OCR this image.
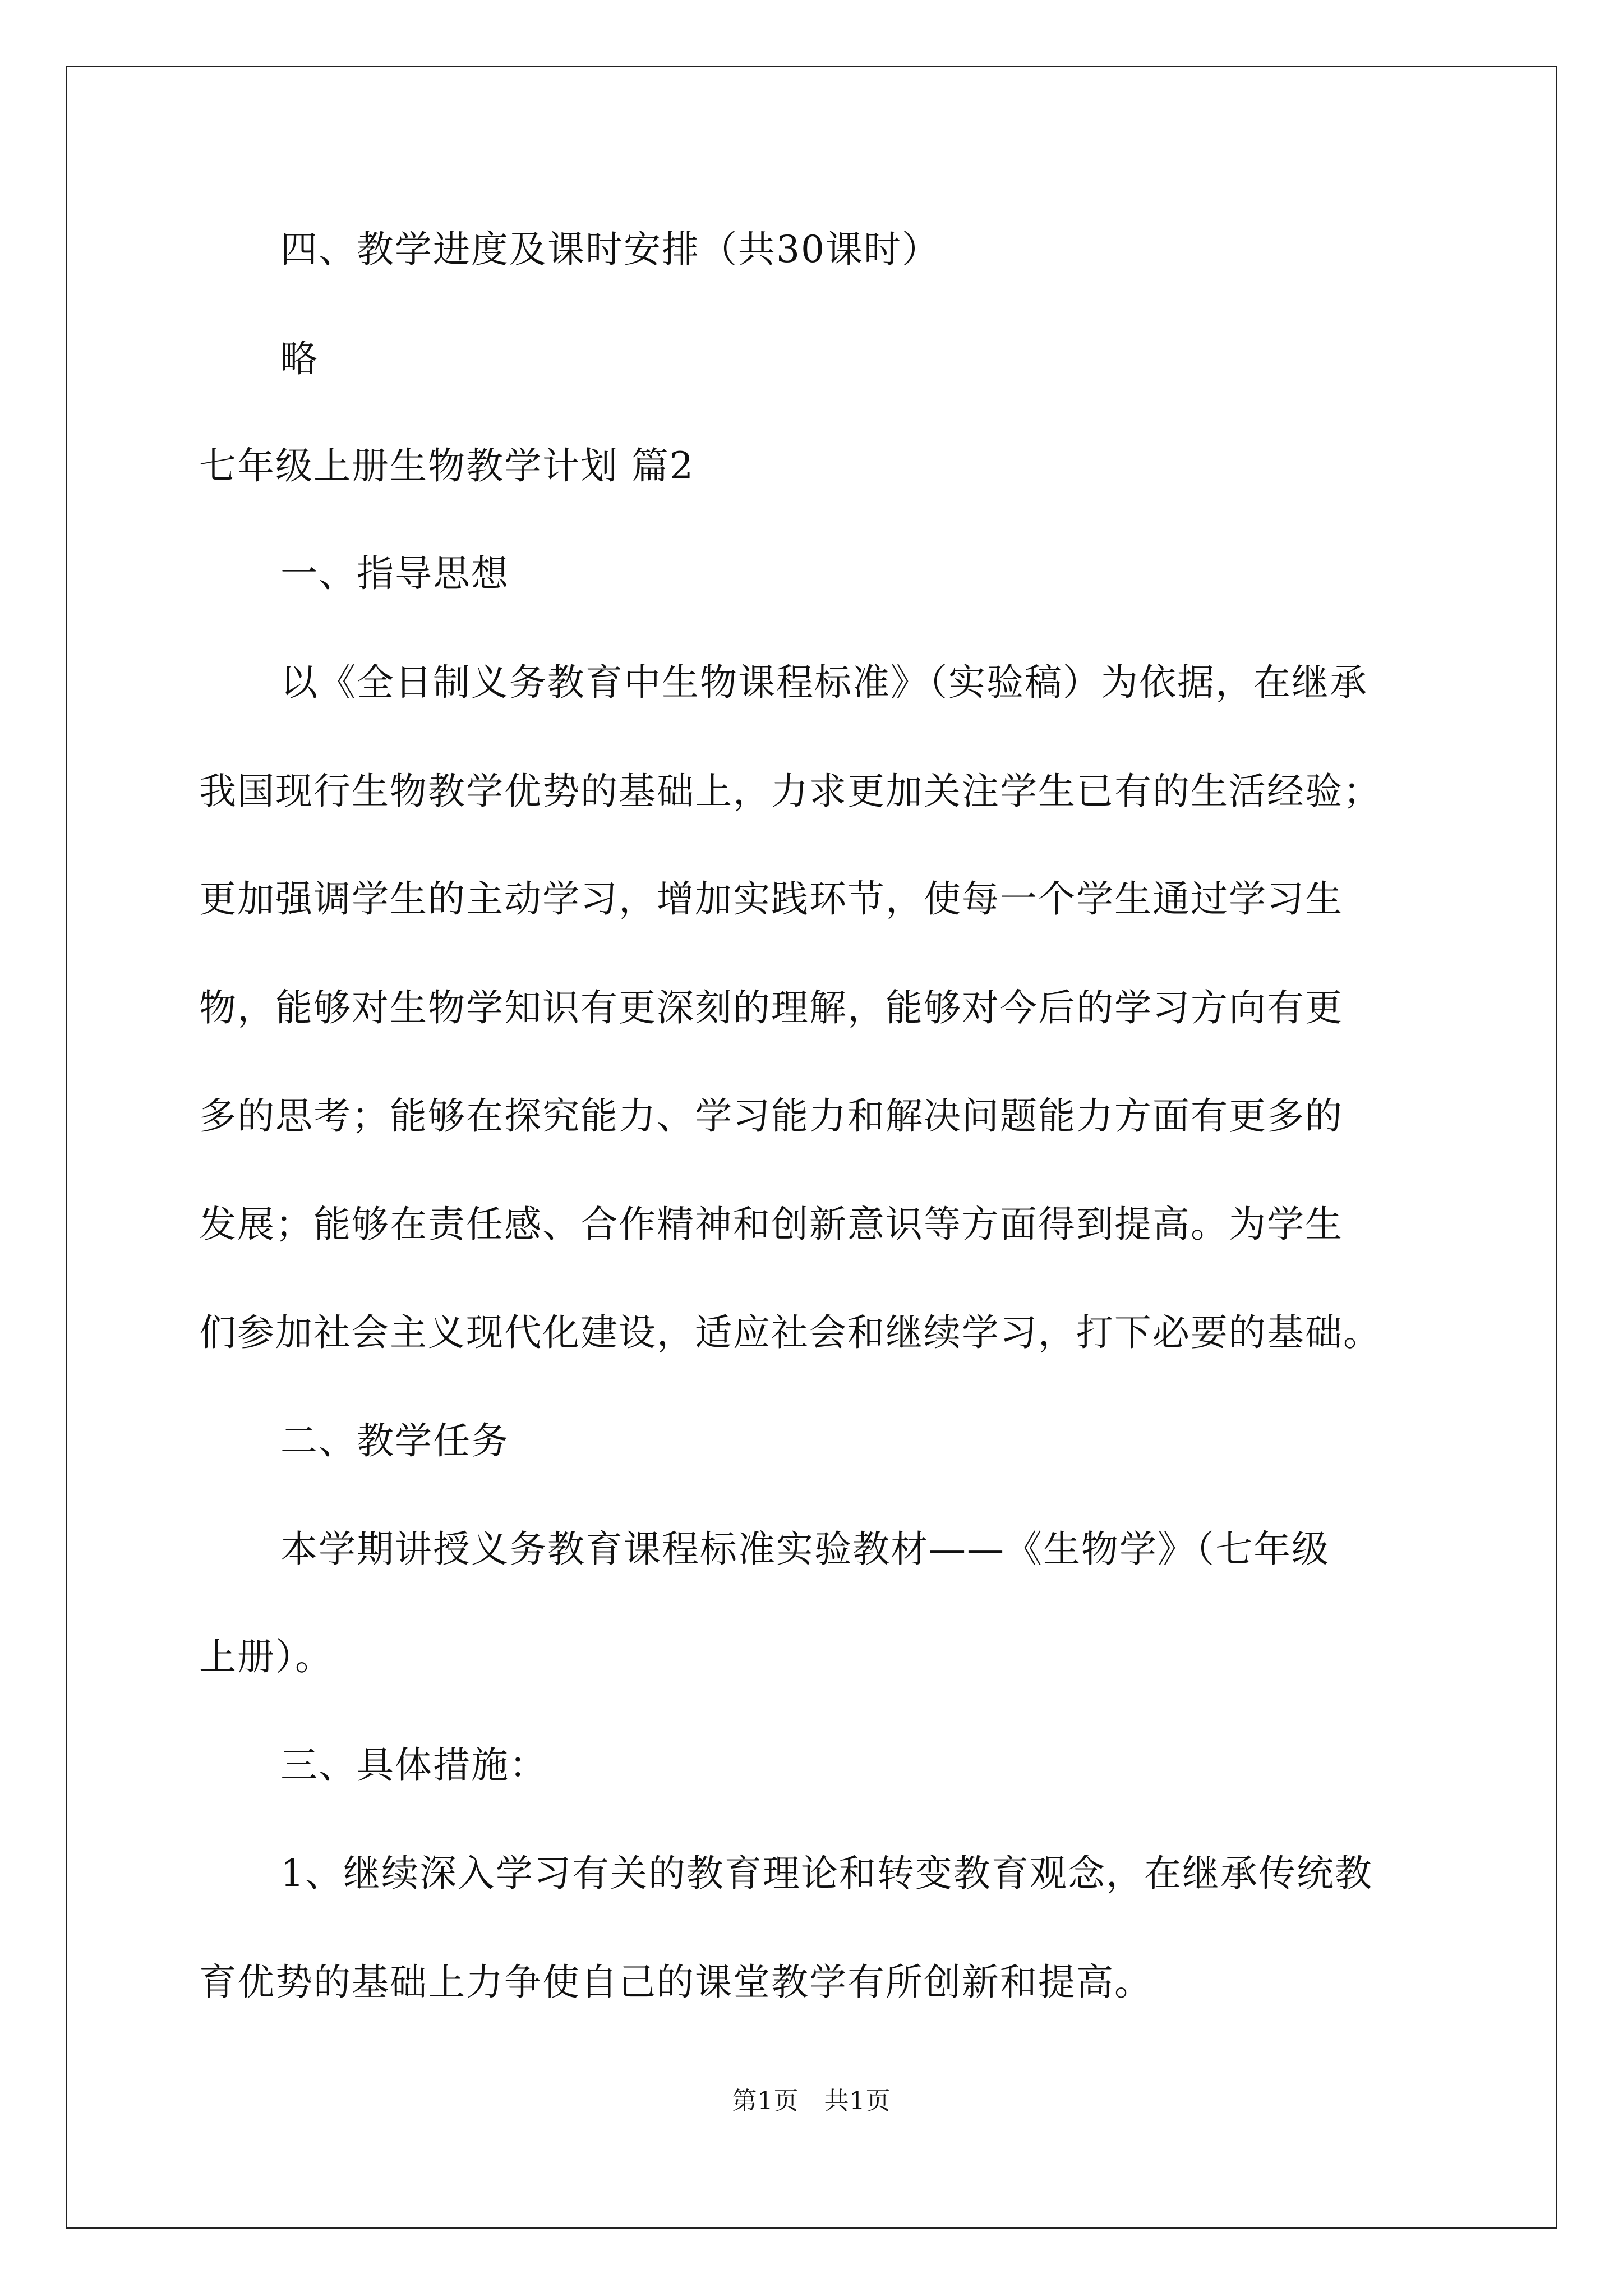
四、教学进度及课时安排（共30课时）
略
七年级上册生物教学计划 篇2
一、指导思想
以《全日制义务教育中生物课程标准》（实验稿）为依据，在继承
我国现行生物教学优势的基础上，力求更加关注学生已有的生活经验；
更加强调学生的主动学习，增加实践环节，使每一个学生通过学习生
物，能够对生物学知识有更深刻的理解，能够对今后的学习方向有更
多的思考；能够在探究能力、学习能力和解决问题能力方面有更多的
发展；能够在责任感、合作精神和创新意识等方面得到提高。为学生
们参加社会主义现代化建设，适应社会和继续学习，打下必要的基础。
二、教学任务
本学期讲授义务教育课程标准实验教材——《生物学》（七年级
上册）。
三、具体措施：
1、继续深入学习有关的教育理论和转变教育观念，在继承传统教
育优势的基础上力争使自己的课堂教学有所创新和提高。
第1页　共1页
